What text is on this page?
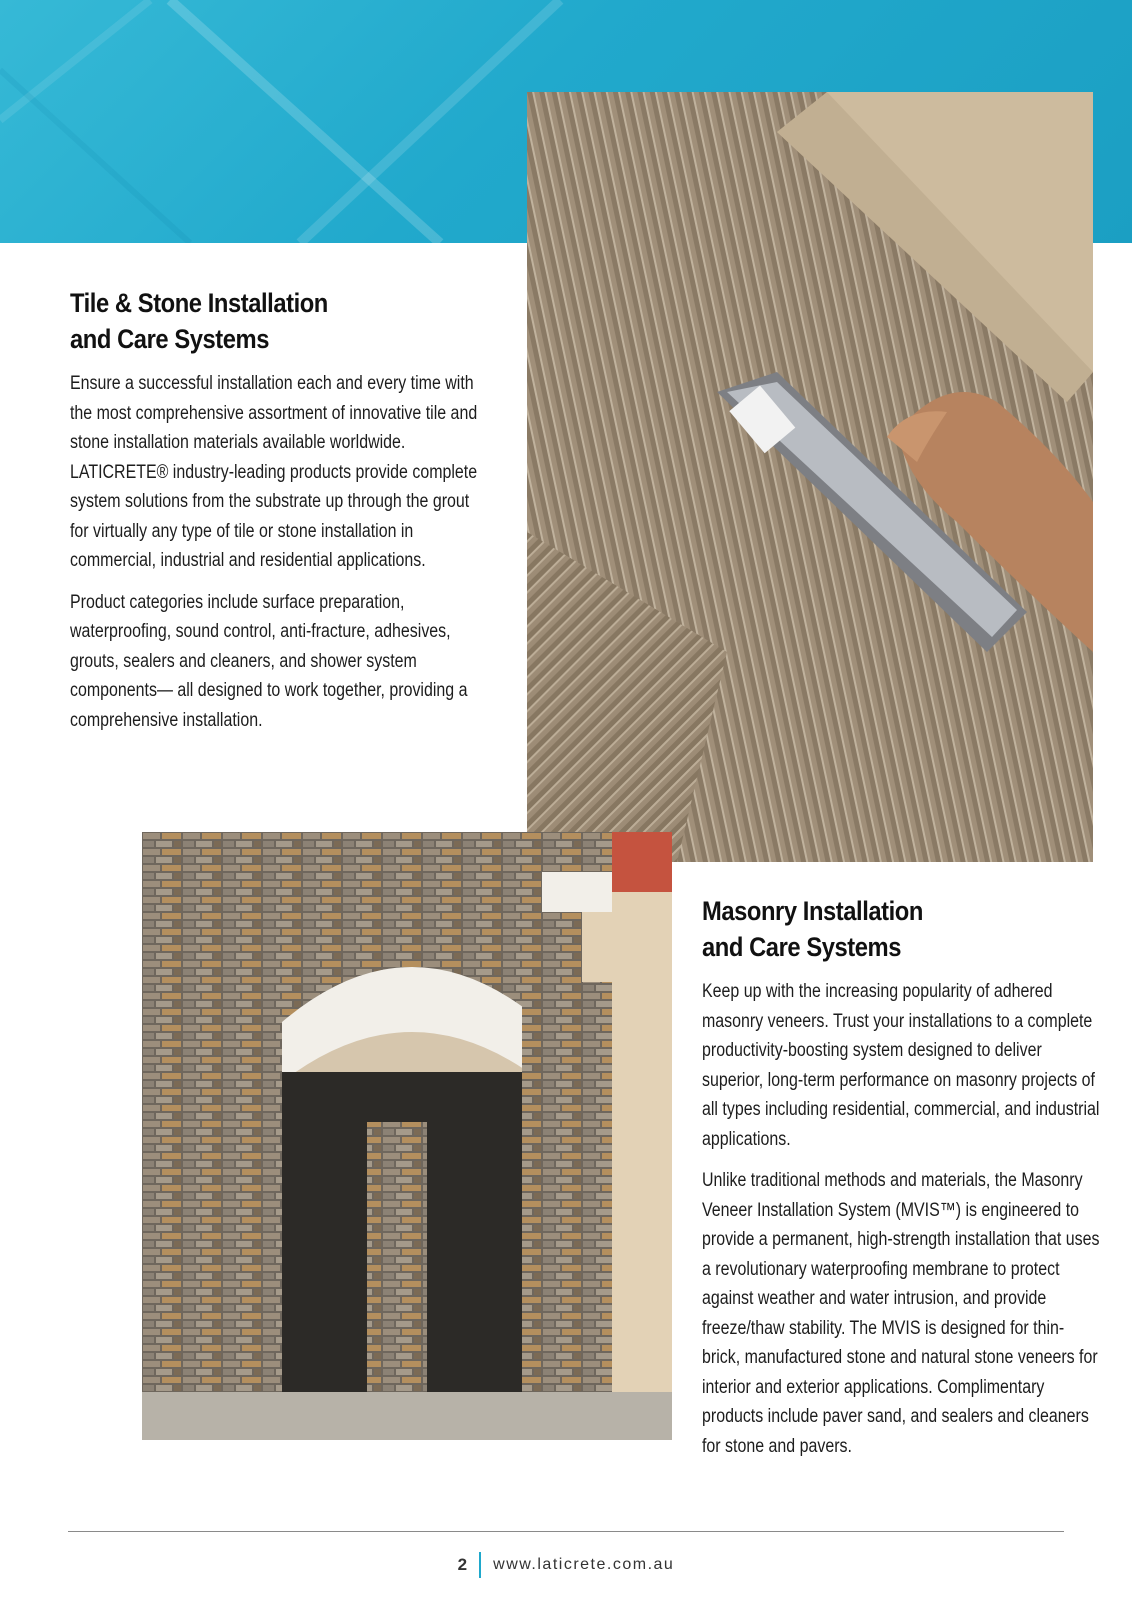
Tile & Stone Installation
and Care Systems

Ensure a successful installation each and every time with the most comprehensive assortment of innovative tile and stone installation materials available worldwide. LATICRETE® industry-leading products provide complete system solutions from the substrate up through the grout for virtually any type of tile or stone installation in commercial, industrial and residential applications.

Product categories include surface preparation, waterproofing, sound control, anti-fracture, adhesives, grouts, sealers and cleaners, and shower system components— all designed to work together, providing a comprehensive installation.

Masonry Installation
and Care Systems

Keep up with the increasing popularity of adhered masonry veneers. Trust your installations to a complete productivity-boosting system designed to deliver superior, long-term performance on masonry projects of all types including residential, commercial, and industrial applications.

Unlike traditional methods and materials, the Masonry Veneer Installation System (MVIS™) is engineered to provide a permanent, high-strength installation that uses a revolutionary waterproofing membrane to protect against weather and water intrusion, and provide freeze/thaw stability. The MVIS is designed for thin-brick, manufactured stone and natural stone veneers for interior and exterior applications. Complimentary products include paver sand, and sealers and cleaners for stone and pavers.

2 www.laticrete.com.au
